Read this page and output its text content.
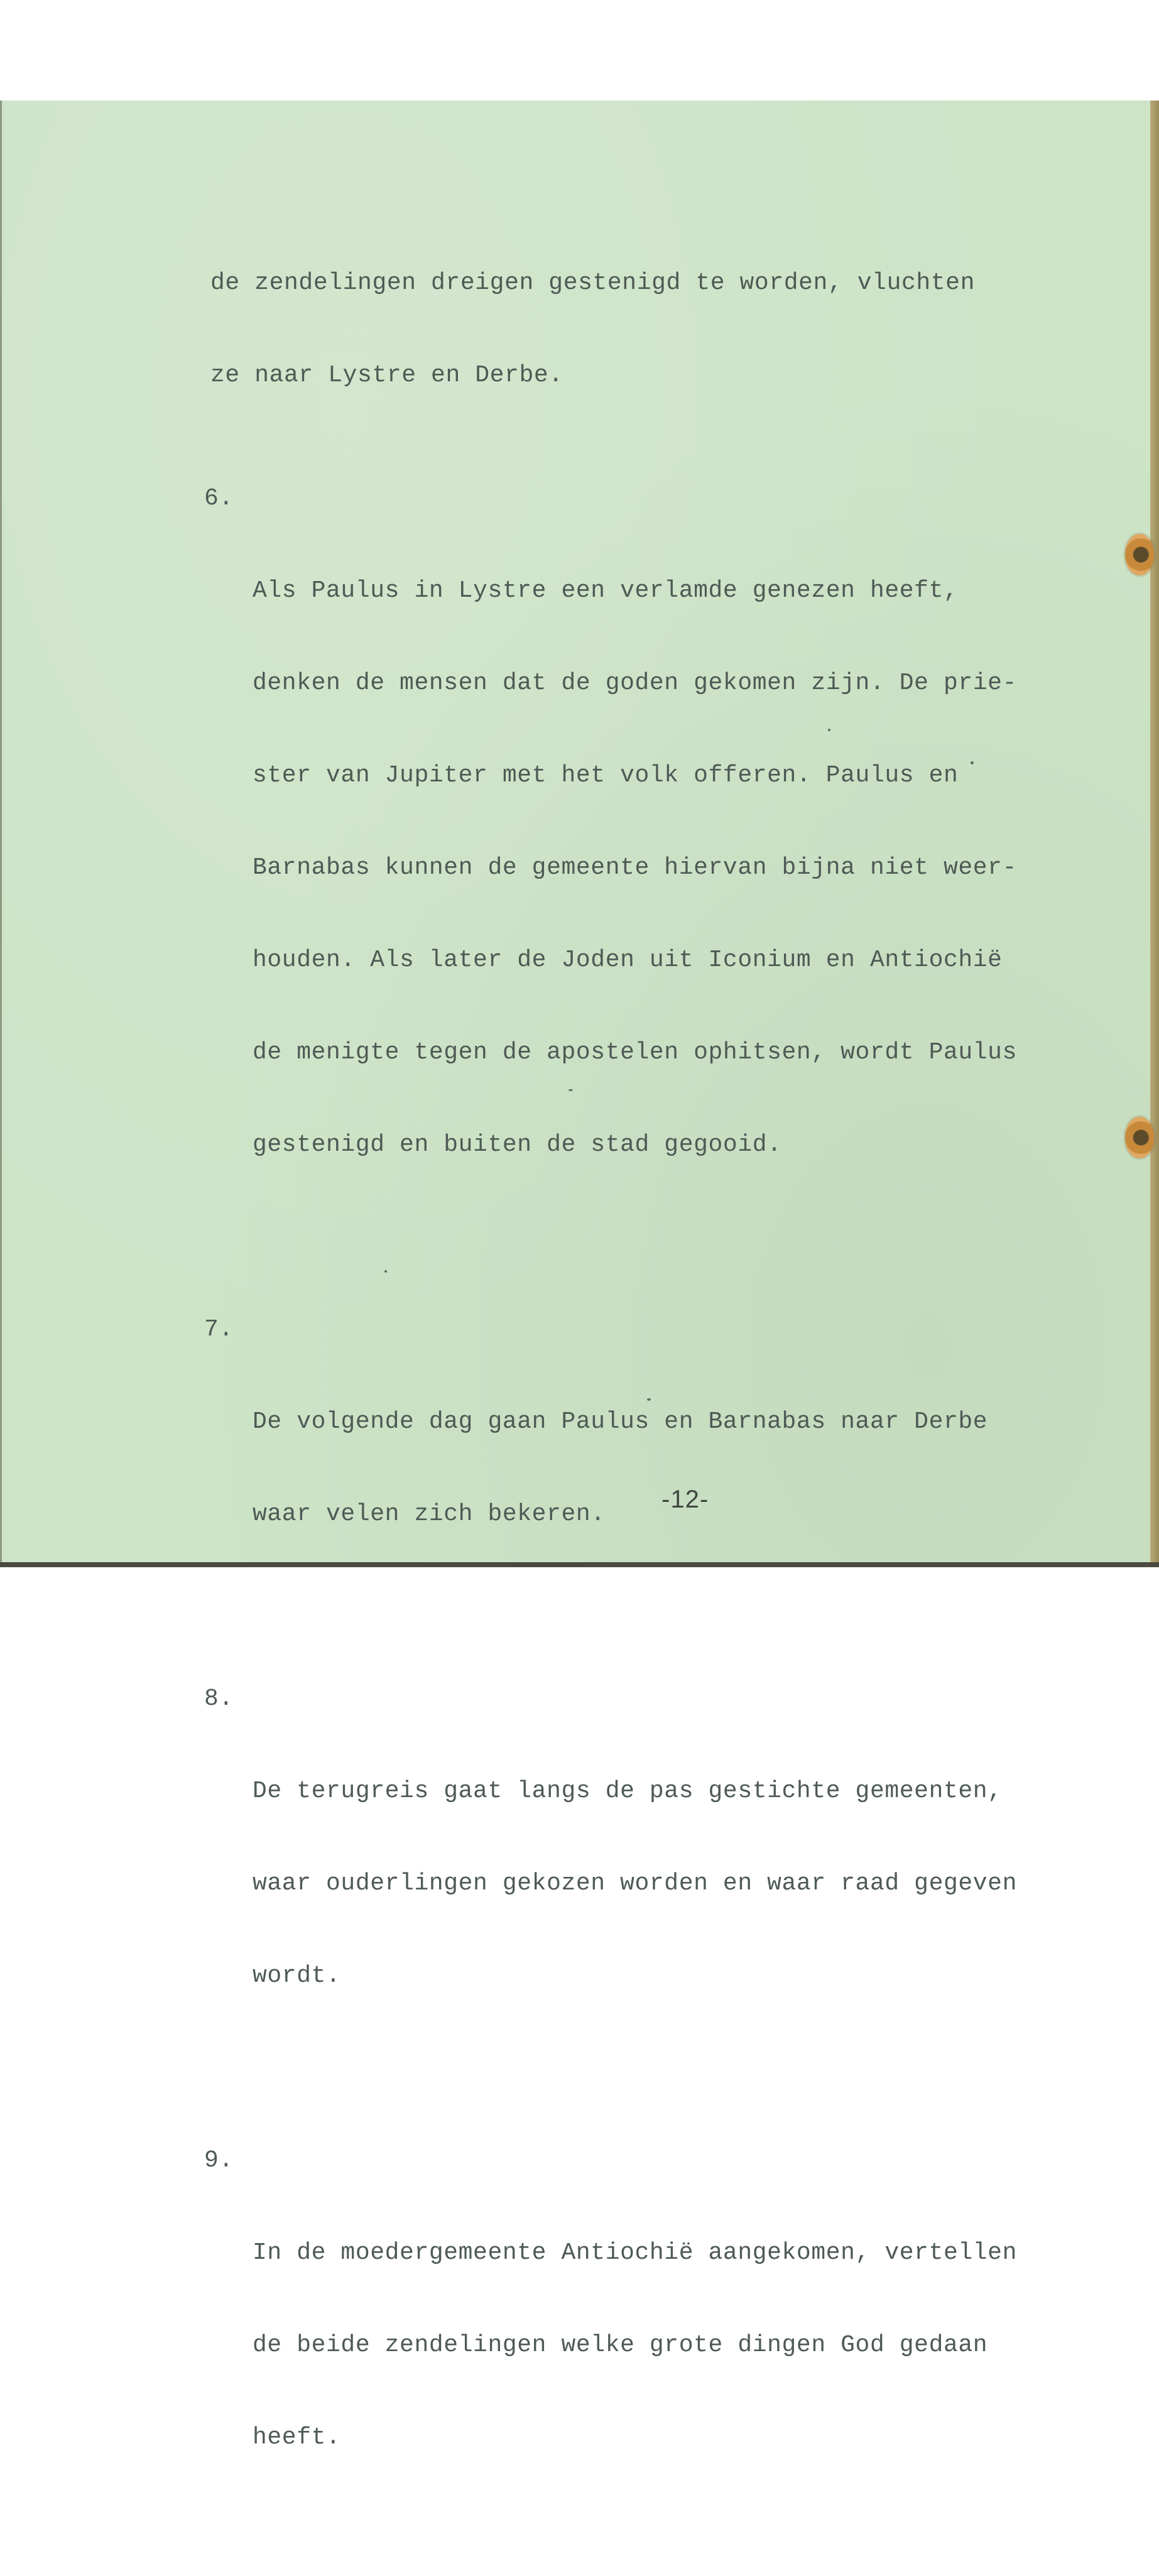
de zendelingen dreigen gestenigd te worden, vluchten

ze naar Lystre en Derbe.

6.

Als Paulus in Lystre een verlamde genezen heeft,

denken de mensen dat de goden gekomen zijn. De prie-

ster van Jupiter met het volk offeren. Paulus en

Barnabas kunnen de gemeente hiervan bijna niet weer-

houden. Als later de Joden uit Iconium en Antiochië

de menigte tegen de apostelen ophitsen, wordt Paulus

gestenigd en buiten de stad gegooid.

7.

De volgende dag gaan Paulus en Barnabas naar Derbe

waar velen zich bekeren.

8.

De terugreis gaat langs de pas gestichte gemeenten,

waar ouderlingen gekozen worden en waar raad gegeven

wordt.

9.

In de moedergemeente Antiochië aangekomen, vertellen

de beide zendelingen welke grote dingen God gedaan

heeft.

-12-
